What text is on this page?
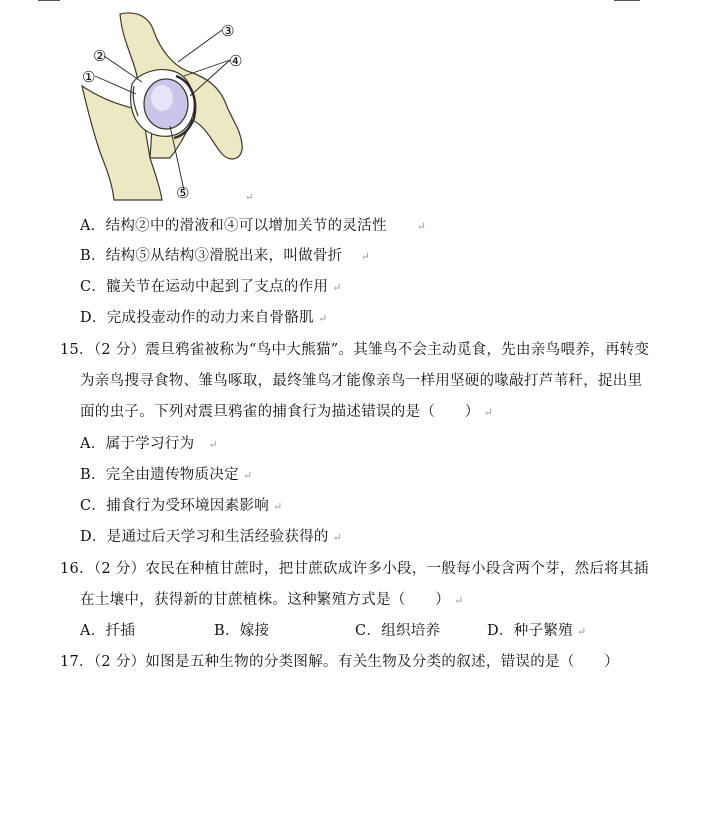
②
①
③
④
⑤	↵
A．结构②中的滑液和④可以增加关节的灵活性	↵
B．结构⑤从结构③滑脱出来，叫做骨折 ↵
C．髋关节在运动中起到了支点的作用 ↵
D．完成投壶动作的动力来自骨骼肌 ↵
15．（2 分）震旦鸦雀被称为“鸟中大熊猫”。其雏鸟不会主动觅食，先由亲鸟喂养，再转变
为亲鸟搜寻食物、雏鸟啄取，最终雏鸟才能像亲鸟一样用坚硬的喙敲打芦苇秆，捉出里
面的虫子。下列对震旦鸦雀的捕食行为描述错误的是（　　） ↵
A．属于学习行为 ↵
B．完全由遗传物质决定 ↵
C．捕食行为受环境因素影响 ↵
D．是通过后天学习和生活经验获得的 ↵
16．（2 分）农民在种植甘蔗时，把甘蔗砍成许多小段，一般每小段含两个芽，然后将其插
在土壤中，获得新的甘蔗植株。这种繁殖方式是（　　） ↵
A．扦插	B．嫁接	C．组织培养	D．种子繁殖 ↵
17．（2 分）如图是五种生物的分类图解。有关生物及分类的叙述，错误的是（　　）
